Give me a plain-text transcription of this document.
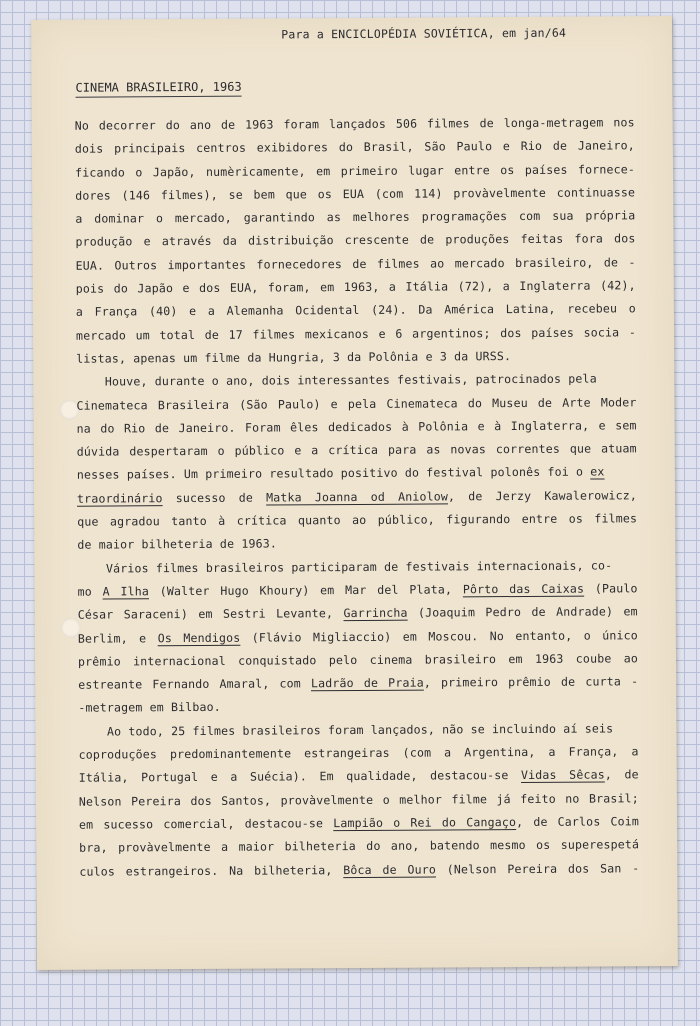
Para a ENCICLOPÉDIA SOVIÉTICA, em jan/64
CINEMA BRASILEIRO, 1963
No decorrer do ano de 1963 foram lançados 506 filmes de longa-metragem nos
dois principais centros exibidores do Brasil, São Paulo e Rio de Janeiro,
ficando o Japão, numèricamente, em primeiro lugar entre os países fornece-
dores (146 filmes), se bem que os EUA (com 114) provàvelmente continuasse
a dominar o mercado, garantindo as melhores programações com sua própria
produção e através da distribuição crescente de produções feitas fora dos
EUA. Outros importantes fornecedores de filmes ao mercado brasileiro, de -
pois do Japão e dos EUA, foram, em 1963, a Itália (72), a Inglaterra (42),
a França (40) e a Alemanha Ocidental (24). Da América Latina, recebeu o
mercado um total de 17 filmes mexicanos e 6 argentinos; dos países socia -
listas, apenas um filme da Hungria, 3 da Polônia e 3 da URSS.
Houve, durante o ano, dois interessantes festivais, patrocinados pela
Cinemateca Brasileira (São Paulo) e pela Cinemateca do Museu de Arte Moder
na do Rio de Janeiro. Foram êles dedicados à Polônia e à Inglaterra, e sem
dúvida despertaram o público e a crítica para as novas correntes que atuam
nesses países. Um primeiro resultado positivo do festival polonês foi o ex
traordinário sucesso de Matka Joanna od Aniolow, de Jerzy Kawalerowicz,
que agradou tanto à crítica quanto ao público, figurando entre os filmes
de maior bilheteria de 1963.
Vários filmes brasileiros participaram de festivais internacionais, co-
mo A Ilha (Walter Hugo Khoury) em Mar del Plata, Pôrto das Caixas (Paulo
César Saraceni) em Sestri Levante, Garrincha (Joaquim Pedro de Andrade) em
Berlim, e Os Mendigos (Flávio Migliaccio) em Moscou. No entanto, o único
prêmio internacional conquistado pelo cinema brasileiro em 1963 coube ao
estreante Fernando Amaral, com Ladrão de Praia, primeiro prêmio de curta -
-metragem em Bilbao.
Ao todo, 25 filmes brasileiros foram lançados, não se incluindo aí seis
coproduções predominantemente estrangeiras (com a Argentina, a França, a
Itália, Portugal e a Suécia). Em qualidade, destacou-se Vidas Sêcas, de
Nelson Pereira dos Santos, provàvelmente o melhor filme já feito no Brasil;
em sucesso comercial, destacou-se Lampião o Rei do Cangaço, de Carlos Coim
bra, provàvelmente a maior bilheteria do ano, batendo mesmo os superespetá
culos estrangeiros. Na bilheteria, Bôca de Ouro (Nelson Pereira dos San -
